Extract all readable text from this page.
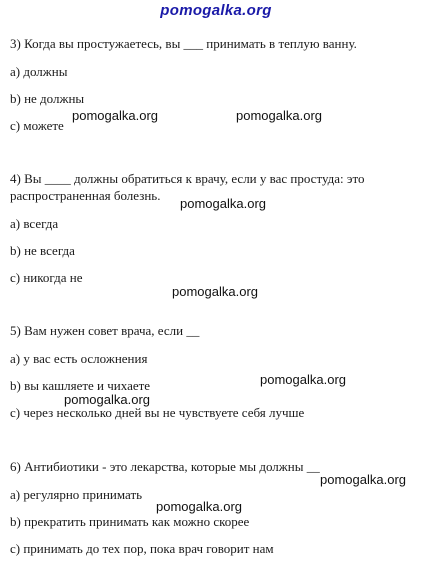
pomogalka.org
3) Когда вы простужаетесь, вы ___ принимать в теплую ванну.
a) должны
b) не должны
c) можете
4) Вы ____ должны обратиться к врачу, если у вас простуда: это
распространенная болезнь.
a) всегда
b) не всегда
c) никогда не
5) Вам нужен совет врача, если __
a) у вас есть осложнения
b) вы кашляете и чихаете
c) через несколько дней вы не чувствуете себя лучше
6) Антибиотики - это лекарства, которые мы должны __
a) регулярно принимать
b) прекратить принимать как можно скорее
c) принимать до тех пор, пока врач говорит нам
pomogalka.org	pomogalka.org
pomogalka.org
pomogalka.org
pomogalka.org
pomogalka.org
pomogalka.org
pomogalka.org
